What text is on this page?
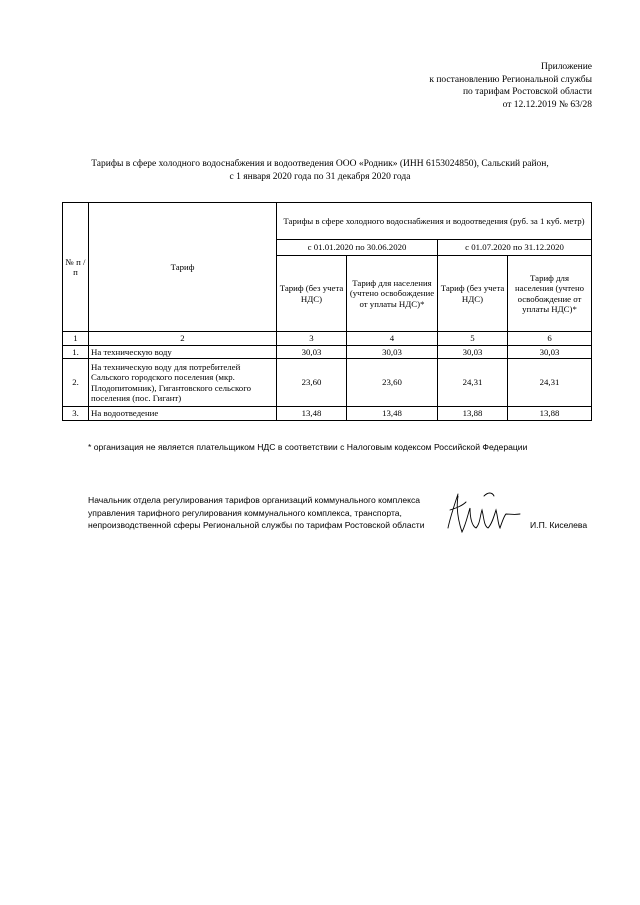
Приложение
к постановлению Региональной службы
по тарифам Ростовской области
от 12.12.2019 № 63/28
Тарифы в сфере холодного водоснабжения и водоотведения ООО «Родник» (ИНН 6153024850), Сальский район,
с 1 января 2020 года по 31 декабря 2020 года
№ п /п	Тариф	Тарифы в сфере холодного водоснабжения и водоотведения (руб. за 1 куб. метр)			
		с 01.01.2020 по 30.06.2020		с 01.07.2020 по 31.12.2020	
		Тариф (без учета НДС)	Тариф для населения (учтено освобождение от уплаты НДС)*	Тариф (без учета НДС)	Тариф для населения (учтено освобождение от уплаты НДС)*
1	2	3	4	5	6
1.	На техническую воду	30,03	30,03	30,03	30,03
2.	На техническую воду для потребителей Сальского городского поселения (мкр. Плодопитомник), Гигантовского сельского поселения (пос. Гигант)	23,60	23,60	24,31	24,31
3.	На водоотведение	13,48	13,48	13,88	13,88
* организация не является плательщиком НДС в соответствии с Налоговым кодексом Российской Федерации
Начальник отдела регулирования тарифов организаций коммунального комплекса
управления тарифного регулирования коммунального комплекса, транспорта,
непроизводственной сферы Региональной службы по тарифам Ростовской области	И.П. Киселева
